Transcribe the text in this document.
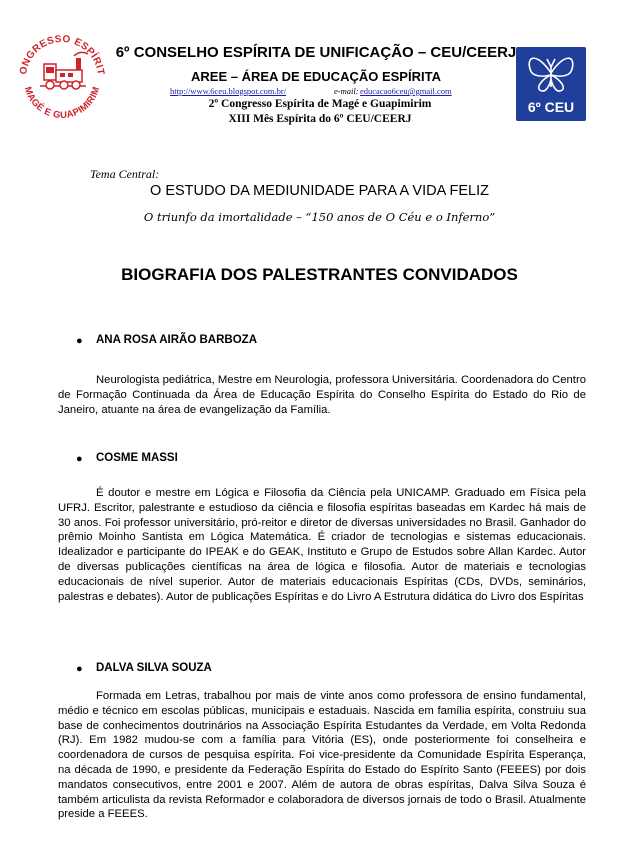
ONGRESSO ESPÍRIT
MAGÉ E GUAPIMIRIM
6º CEU
6º CONSELHO ESPÍRITA DE UNIFICAÇÃO – CEU/CEERJ
AREE – ÁREA DE EDUCAÇÃO ESPÍRITA
http://www.6ceu.blogspot.com.br/	e-mail: educacao6ceu@gmail.com
2º Congresso Espírita de Magé e Guapimirim
XIII Mês Espírita do 6º CEU/CEERJ
Tema Central:
O ESTUDO DA MEDIUNIDADE PARA A VIDA FELIZ
O triunfo da imortalidade – “150 anos de O Céu e o Inferno”
BIOGRAFIA DOS PALESTRANTES CONVIDADOS
● ANA ROSA AIRÃO BARBOZA

Neurologista pediátrica, Mestre em Neurologia, professora Universitária. Coordenadora do Centro de Formação Continuada da Área de Educação Espírita do Conselho Espírita do Estado do Rio de Janeiro, atuante na área de evangelização da Família.

● COSME MASSI

É doutor e mestre em Lógica e Filosofia da Ciência pela UNICAMP. Graduado em Física pela UFRJ. Escritor, palestrante e estudioso da ciência e filosofia espíritas baseadas em Kardec há mais de 30 anos. Foi professor universitário, pró-reitor e diretor de diversas universidades no Brasil. Ganhador do prêmio Moinho Santista em Lógica Matemática. É criador de tecnologias e sistemas educacionais. Idealizador e participante do IPEAK e do GEAK, Instituto e Grupo de Estudos sobre Allan Kardec. Autor de diversas publicações científicas na área de lógica e filosofia. Autor de materiais e tecnologias educacionais de nível superior. Autor de materiais educacionais Espíritas (CDs, DVDs, seminários, palestras e debates). Autor de publicações Espíritas e do Livro A Estrutura didática do Livro dos Espíritas

● DALVA SILVA SOUZA

Formada em Letras, trabalhou por mais de vinte anos como professora de ensino fundamental, médio e técnico em escolas públicas, municipais e estaduais. Nascida em família espírita, construiu sua base de conhecimentos doutrinários na Associação Espírita Estudantes da Verdade, em Volta Redonda (RJ). Em 1982 mudou-se com a família para Vitória (ES), onde posteriormente foi conselheira e coordenadora de cursos de pesquisa espírita. Foi vice-presidente da Comunidade Espírita Esperança, na década de 1990, e presidente da Federação Espírita do Estado do Espírito Santo (FEEES) por dois mandatos consecutivos, entre 2001 e 2007. Além de autora de obras espíritas, Dalva Silva Souza é também articulista da revista Reformador e colaboradora de diversos jornais de todo o Brasil. Atualmente preside a FEEES.
